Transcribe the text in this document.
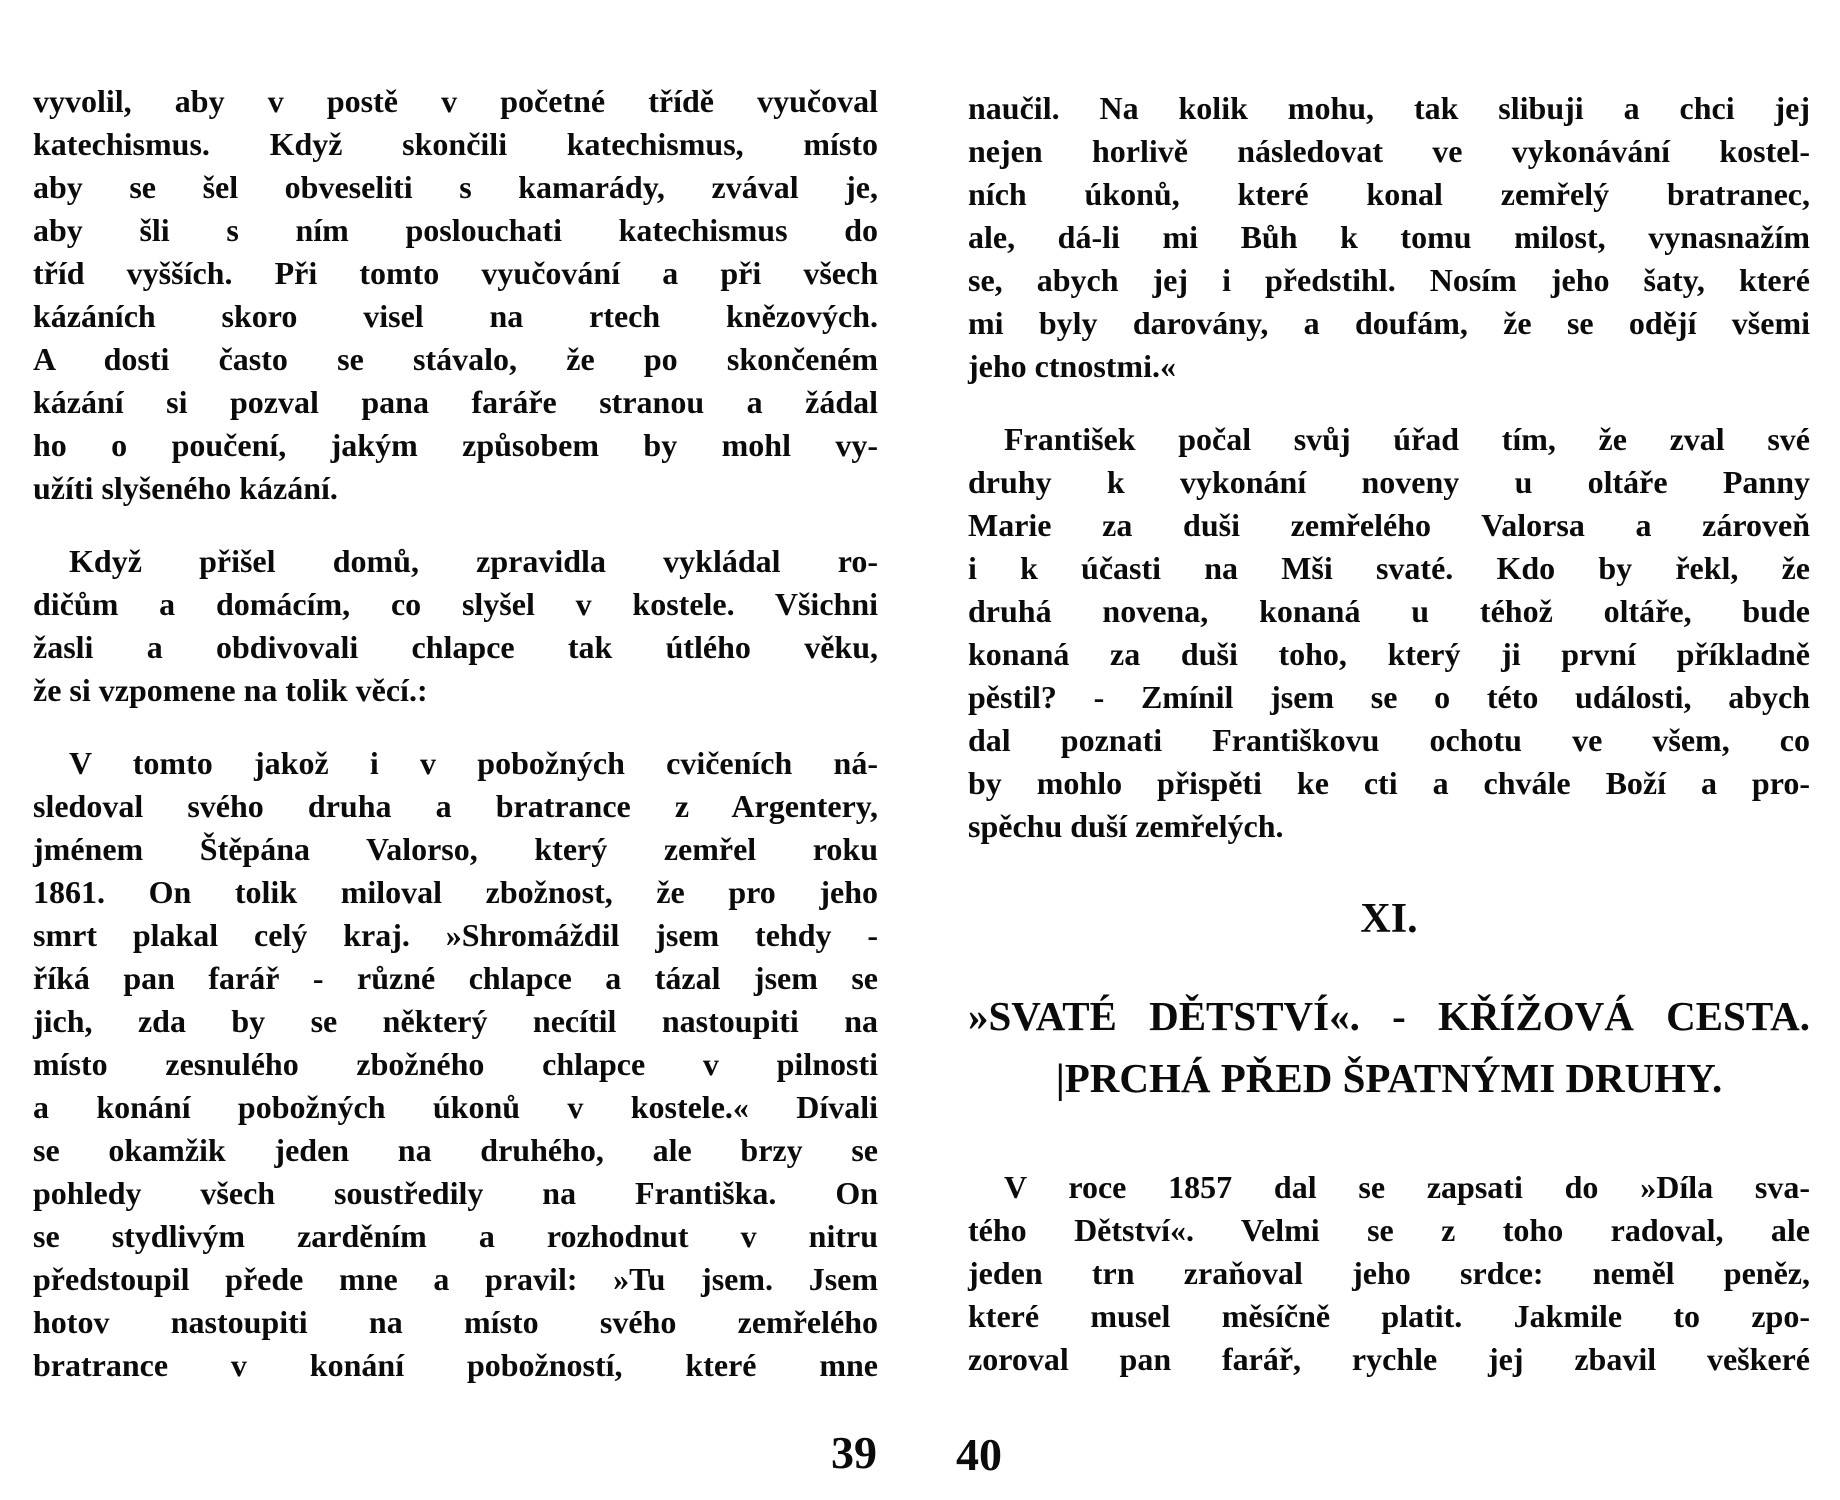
vyvolil, aby v postě v početné třídě vyučoval
katechismus. Když skončili katechismus, místo
aby se šel obveseliti s kamarády, zvával je,
aby šli s ním poslouchati katechismus do
tříd vyšších. Při tomto vyučování a při všech
kázáních skoro visel na rtech knězových.
A dosti často se stávalo, že po skončeném
kázání si pozval pana faráře stranou a žádal
ho o poučení, jakým způsobem by mohl vy-
užíti slyšeného kázání.
Když přišel domů, zpravidla vykládal ro-
dičům a domácím, co slyšel v kostele. Všichni
žasli a obdivovali chlapce tak útlého věku,
že si vzpomene na tolik věcí.:
V tomto jakož i v pobožných cvičeních ná-
sledoval svého druha a bratrance z Argentery,
jménem Štěpána Valorso, který zemřel roku
1861. On tolik miloval zbožnost, že pro jeho
smrt plakal celý kraj. »Shromáždil jsem tehdy -
říká pan farář - různé chlapce a tázal jsem se
jich, zda by se některý necítil nastoupiti na
místo zesnulého zbožného chlapce v pilnosti
a konání pobožných úkonů v kostele.« Dívali
se okamžik jeden na druhého, ale brzy se
pohledy všech soustředily na Františka. On
se stydlivým zarděním a rozhodnut v nitru
předstoupil přede mne a pravil: »Tu jsem. Jsem
hotov nastoupiti na místo svého zemřelého
bratrance v konání pobožností, které mne
naučil. Na kolik mohu, tak slibuji a chci jej
nejen horlivě následovat ve vykonávání kostel-
ních úkonů, které konal zemřelý bratranec,
ale, dá-li mi Bůh k tomu milost, vynasnažím
se, abych jej i předstihl. Nosím jeho šaty, které
mi byly darovány, a doufám, že se odějí všemi
jeho ctnostmi.«
František počal svůj úřad tím, že zval své
druhy k vykonání noveny u oltáře Panny
Marie za duši zemřelého Valorsa a zároveň
i k účasti na Mši svaté. Kdo by řekl, že
druhá novena, konaná u téhož oltáře, bude
konaná za duši toho, který ji první příkladně
pěstil? - Zmínil jsem se o této události, abych
dal poznati Františkovu ochotu ve všem, co
by mohlo přispěti ke cti a chvále Boží a pro-
spěchu duší zemřelých.
XI.
»SVATÉ DĚTSTVÍ«. - KŘÍŽOVÁ CESTA.
|PRCHÁ PŘED ŠPATNÝMI DRUHY.
V roce 1857 dal se zapsati do »Díla sva-
tého Dětství«. Velmi se z toho radoval, ale
jeden trn zraňoval jeho srdce: neměl peněz,
které musel měsíčně platit. Jakmile to zpo-
zoroval pan farář, rychle jej zbavil veškeré
39 40
